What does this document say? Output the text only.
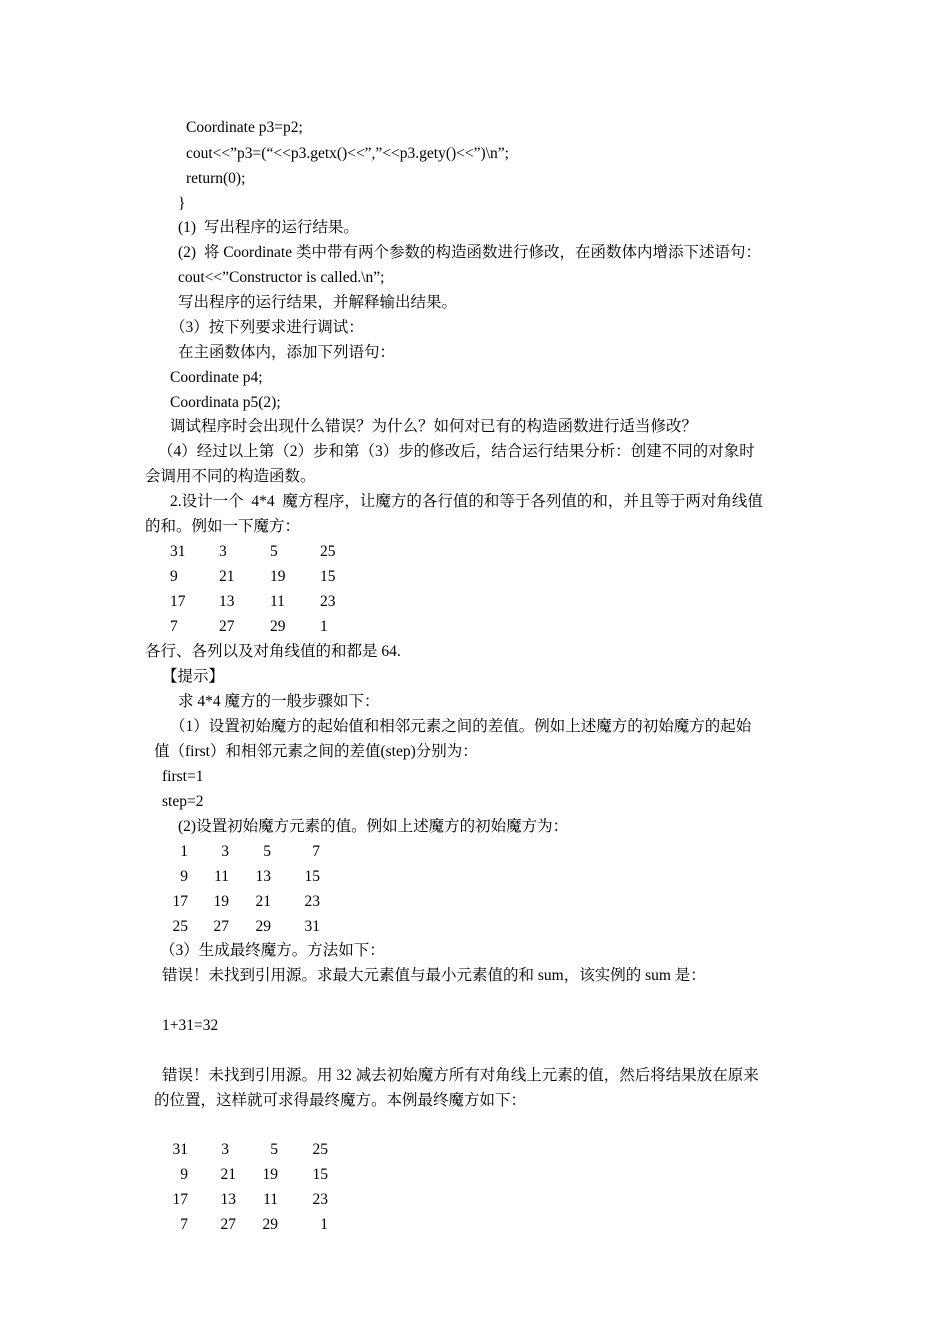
Coordinate p3=p2;
cout<<”p3=(“<<p3.getx()<<”,”<<p3.gety()<<”)\n”;
return(0);
}
(1)  写出程序的运行结果。
(2)  将 Coordinate 类中带有两个参数的构造函数进行修改，在函数体内增添下述语句：
cout<<”Constructor is called.\n”;
写出程序的运行结果，并解释输出结果。
（3）按下列要求进行调试：
在主函数体内，添加下列语句：
Coordinate p4;
Coordinata p5(2);
调试程序时会出现什么错误？为什么？如何对已有的构造函数进行适当修改？
（4）经过以上第（2）步和第（3）步的修改后，结合运行结果分析：创建不同的对象时
会调用不同的构造函数。
2.设计一个  4*4  魔方程序，让魔方的各行值的和等于各列值的和，并且等于两对角线值
的和。例如一下魔方：
31 3	5	25
9	21 19 15
17 13 11 23
7	27 29 1
各行、各列以及对角线值的和都是 64.
【提示】
求 4*4 魔方的一般步骤如下：
（1）设置初始魔方的起始值和相邻元素之间的差值。例如上述魔方的初始魔方的起始
值（first）和相邻元素之间的差值(step)分别为：
first=1
step=2
(2)设置初始魔方元素的值。例如上述魔方的初始魔方为：
1	3	5	7
9	11	13	15
17	19	21	23
25	27	29	31
（3）生成最终魔方。方法如下：
错误！未找到引用源。求最大元素值与最小元素值的和 sum，该实例的 sum 是：
1+31=32
错误！未找到引用源。用 32 减去初始魔方所有对角线上元素的值，然后将结果放在原来
的位置，这样就可求得最终魔方。本例最终魔方如下：
31	3	5	25
9	21	19	15
17	13	11	23
7	27	29	1
